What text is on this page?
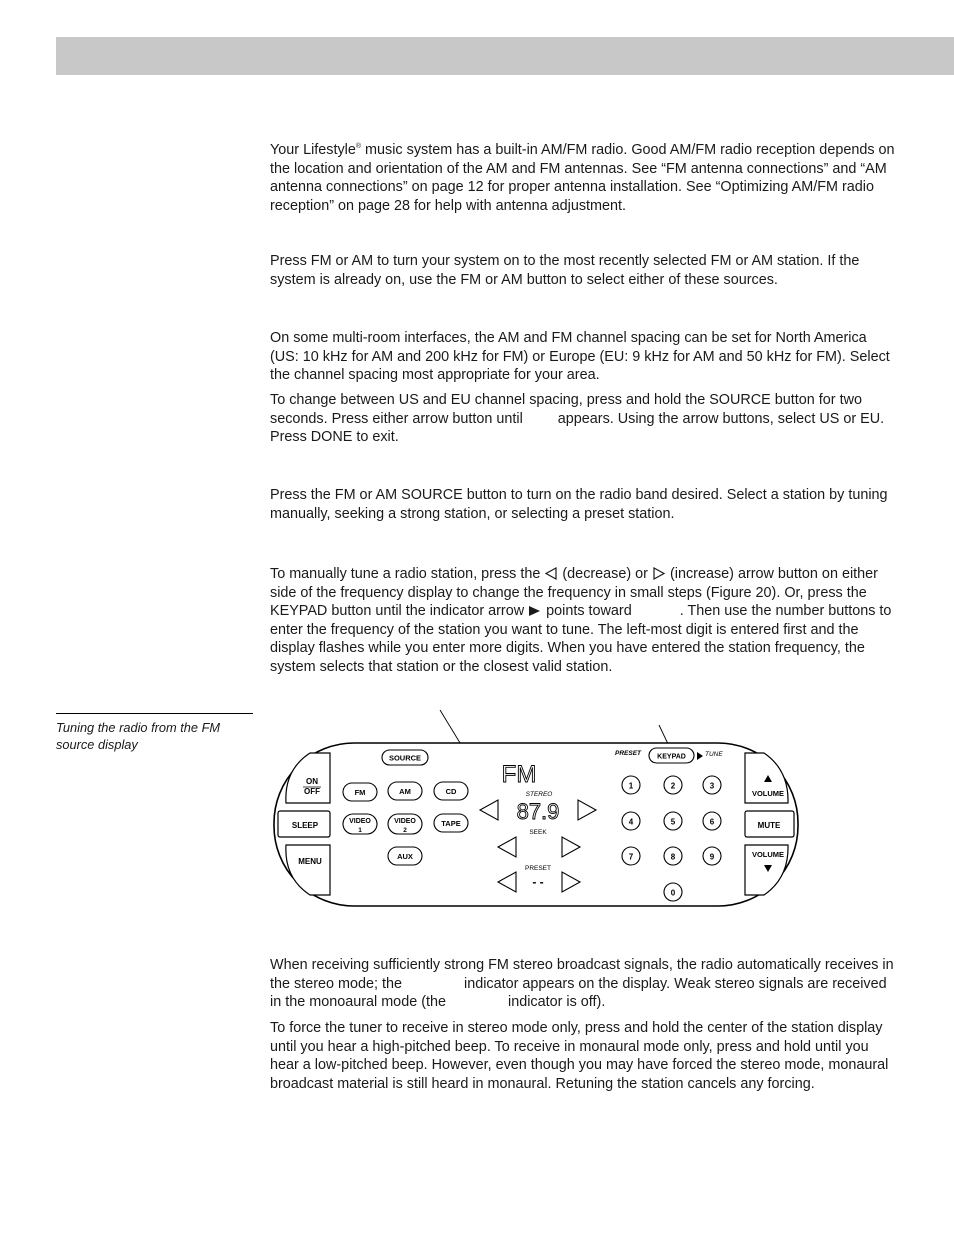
Your Lifestyle® music system has a built-in AM/FM radio. Good AM/FM radio reception depends on the location and orientation of the AM and FM antennas. See “FM antenna connections” and “AM antenna connections” on page 12 for proper antenna installation. See “Optimizing AM/FM radio reception” on page 28 for help with antenna adjustment.

Press FM or AM to turn your system on to the most recently selected FM or AM station. If the system is already on, use the FM or AM button to select either of these sources.

On some multi-room interfaces, the AM and FM channel spacing can be set for North America (US: 10 kHz for AM and 200 kHz for FM) or Europe (EU: 9 kHz for AM and 50 kHz for FM). Select the channel spacing most appropriate for your area.

To change between US and EU channel spacing, press and hold the SOURCE button for two seconds. Press either arrow button until appears. Using the arrow buttons, select US or EU. Press DONE to exit.

Press the FM or AM SOURCE button to turn on the radio band desired. Select a station by tuning manually, seeking a strong station, or selecting a preset station.

To manually tune a radio station, press the (decrease) or (increase) arrow button on either side of the frequency display to change the frequency in small steps (Figure 20). Or, press the KEYPAD button until the indicator arrow points toward	. Then use the number buttons to enter the frequency of the station you want to tune. The left-most digit is entered first and the display flashes while you enter more digits. When you have entered the station frequency, the system selects that station or the closest valid station.

Tuning the radio from the FM source display
ON
OFF
SLEEP
MENU
SOURCE
FM	AM	CD
VIDEO
1
VIDEO
2
TAPE
AUX
FM
STEREO
87.9
SEEK
PRESET
- -
PRESET KEYPAD	TUNE
1	2	3
4	5	6
7	8	9
0
VOLUME
MUTE
VOLUME

When receiving sufficiently strong FM stereo broadcast signals, the radio automatically receives in the stereo mode; the	indicator appears on the display. Weak stereo signals are received in the monoaural mode (the	indicator is off).

To force the tuner to receive in stereo mode only, press and hold the center of the station display until you hear a high-pitched beep. To receive in monaural mode only, press and hold until you hear a low-pitched beep. However, even though you may have forced the stereo mode, monaural broadcast material is still heard in monaural. Retuning the station cancels any forcing.
